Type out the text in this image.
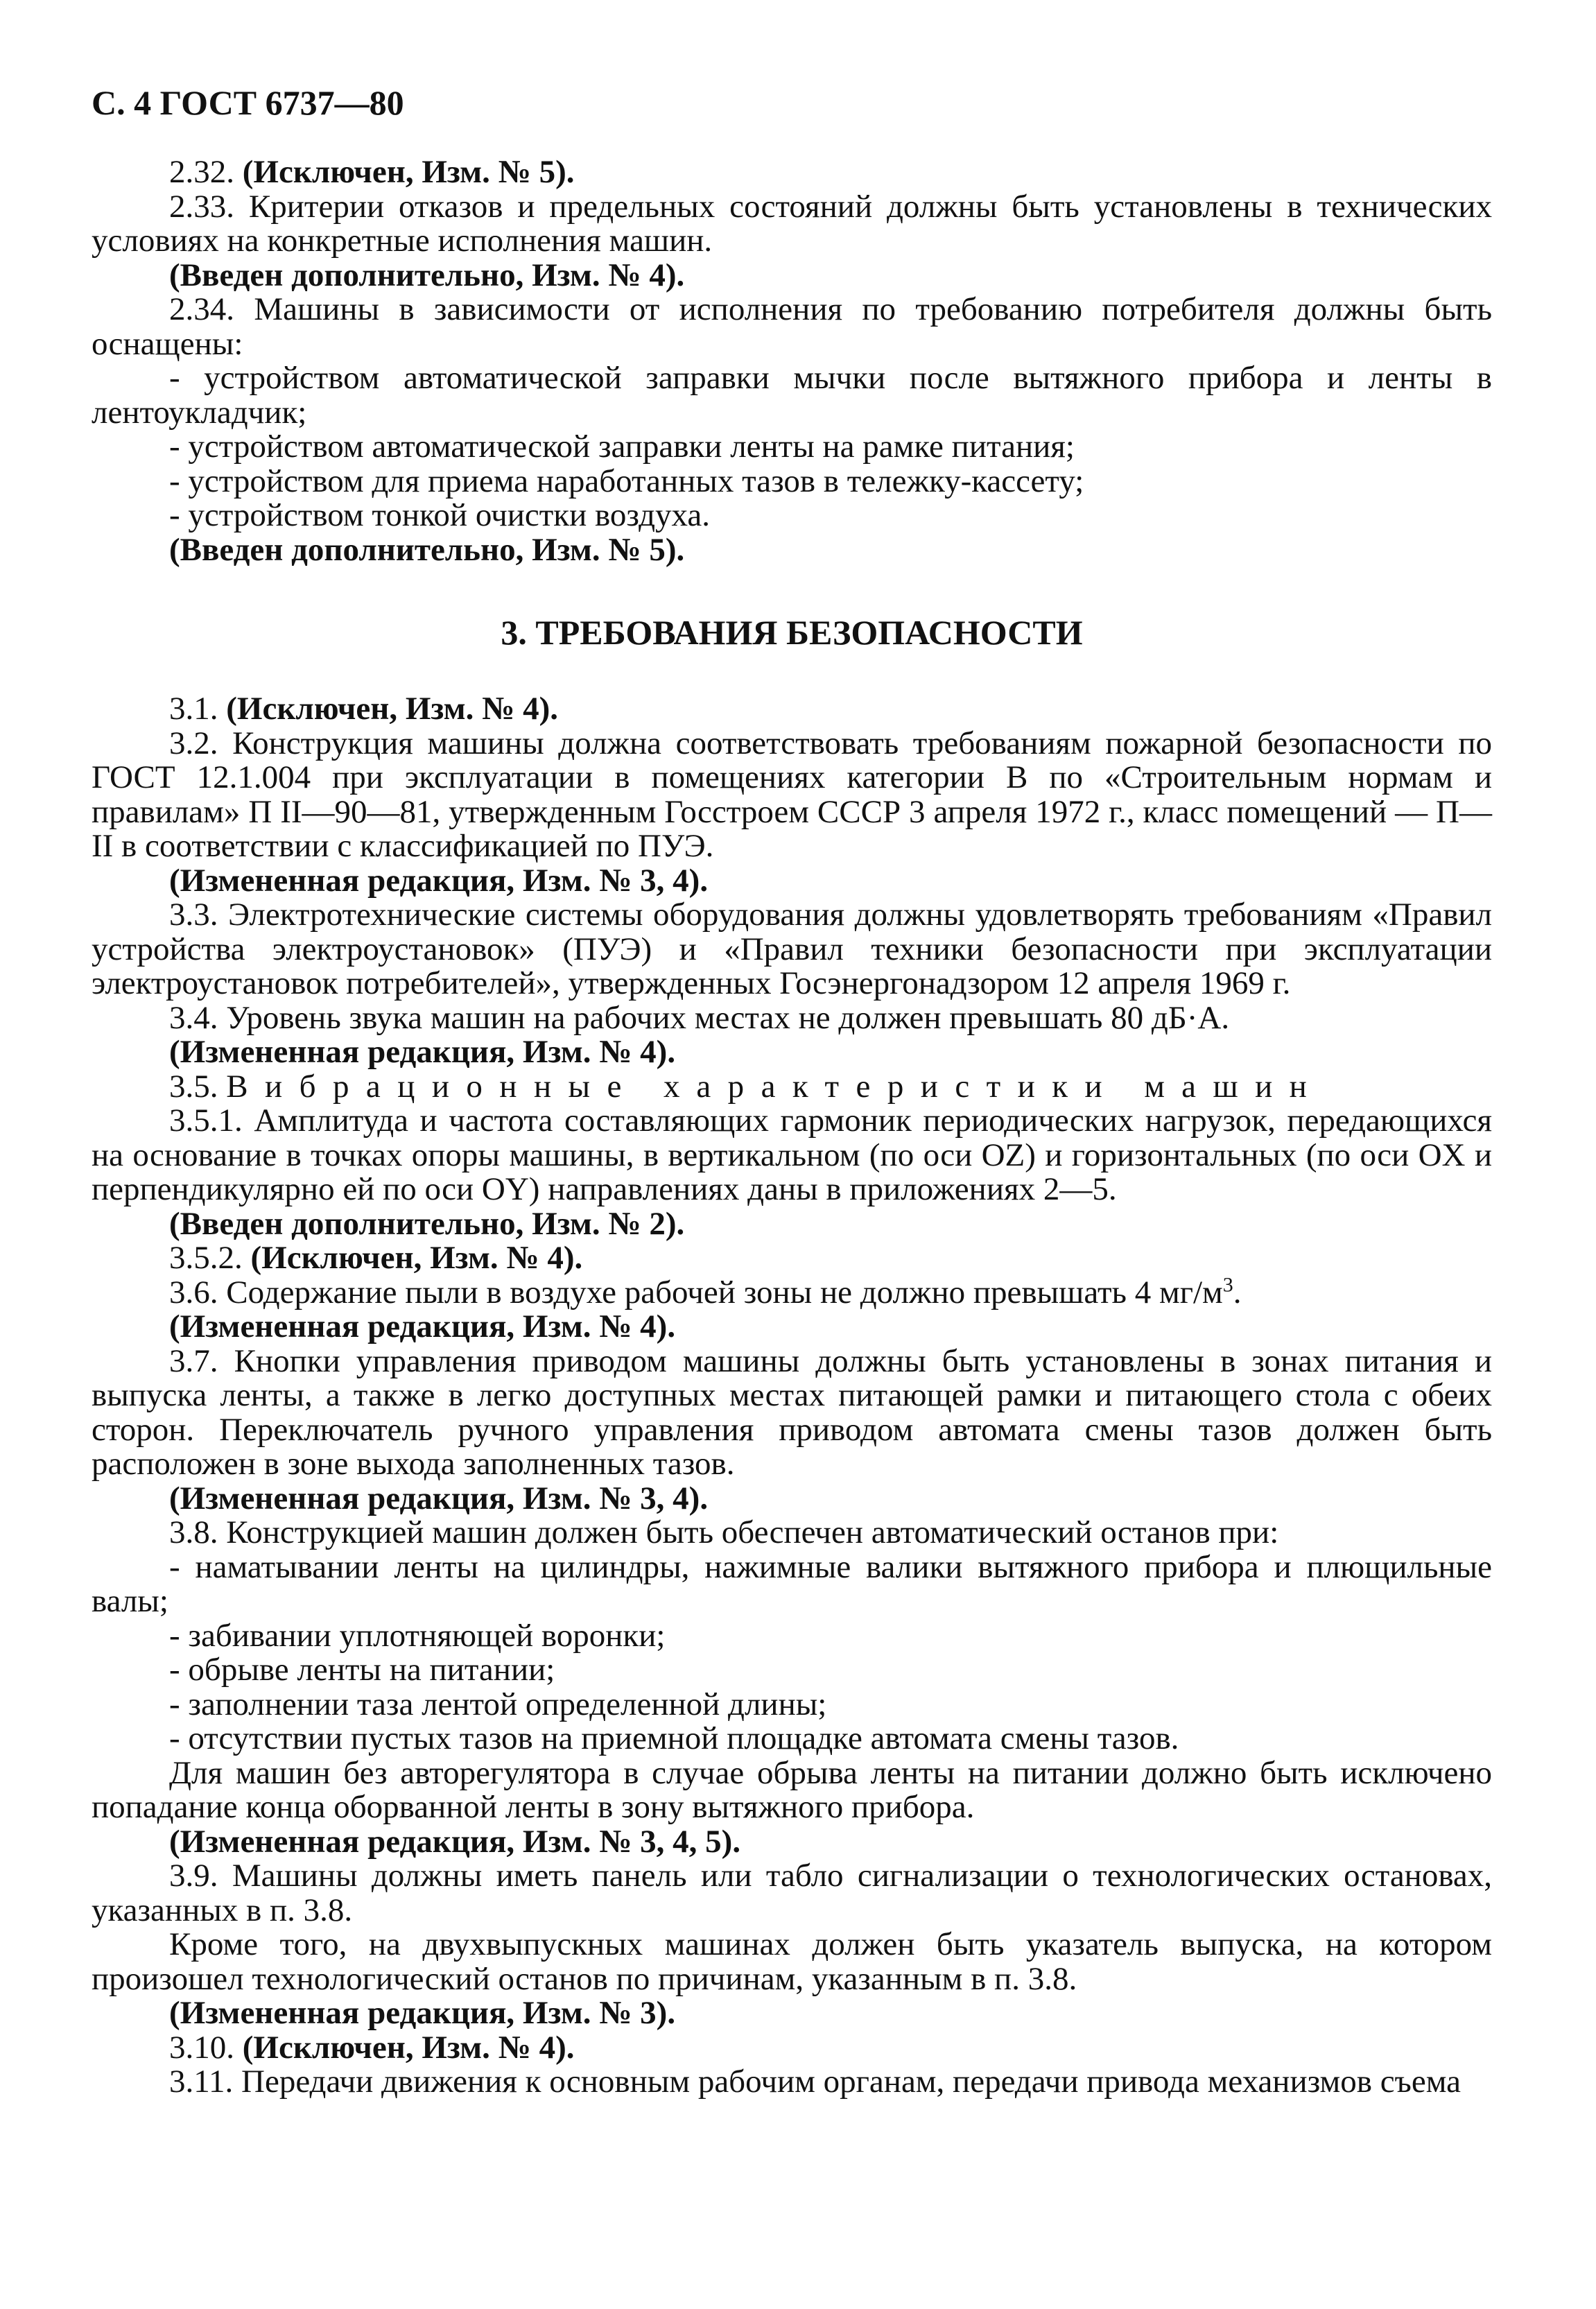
С. 4 ГОСТ 6737—80

2.32. (Исключен, Изм. № 5).

2.33. Критерии отказов и предельных состояний должны быть установлены в технических условиях на конкретные исполнения машин.

(Введен дополнительно, Изм. № 4).

2.34. Машины в зависимости от исполнения по требованию потребителя должны быть оснащены:

- устройством автоматической заправки мычки после вытяжного прибора и ленты в лентоукладчик;

- устройством автоматической заправки ленты на рамке питания;

- устройством для приема наработанных тазов в тележку-кассету;

- устройством тонкой очистки воздуха.

(Введен дополнительно, Изм. № 5).

3. ТРЕБОВАНИЯ БЕЗОПАСНОСТИ

3.1. (Исключен, Изм. № 4).

3.2. Конструкция машины должна соответствовать требованиям пожарной безопасности по ГОСТ 12.1.004 при эксплуатации в помещениях категории В по «Строительным нормам и правилам» П II—90—81, утвержденным Госстроем СССР 3 апреля 1972 г., класс помещений — П—II в соответствии с классификацией по ПУЭ.

(Измененная редакция, Изм. № 3, 4).

3.3. Электротехнические системы оборудования должны удовлетворять требованиям «Правил устройства электроустановок» (ПУЭ) и «Правил техники безопасности при эксплуатации электроустановок потребителей», утвержденных Госэнергонадзором 12 апреля 1969 г.

3.4. Уровень звука машин на рабочих местах не должен превышать 80 дБ·А.

(Измененная редакция, Изм. № 4).

3.5. Вибрационные характеристики машин

3.5.1. Амплитуда и частота составляющих гармоник периодических нагрузок, передающихся на основание в точках опоры машины, в вертикальном (по оси OZ) и горизонтальных (по оси OX и перпендикулярно ей по оси OY) направлениях даны в приложениях 2—5.

(Введен дополнительно, Изм. № 2).

3.5.2. (Исключен, Изм. № 4).

3.6. Содержание пыли в воздухе рабочей зоны не должно превышать 4 $мг/м^3$.

(Измененная редакция, Изм. № 4).

3.7. Кнопки управления приводом машины должны быть установлены в зонах питания и выпуска ленты, а также в легко доступных местах питающей рамки и питающего стола с обеих сторон. Переключатель ручного управления приводом автомата смены тазов должен быть расположен в зоне выхода заполненных тазов.

(Измененная редакция, Изм. № 3, 4).

3.8. Конструкцией машин должен быть обеспечен автоматический останов при:

- наматывании ленты на цилиндры, нажимные валики вытяжного прибора и плющильные валы;

- забивании уплотняющей воронки;

- обрыве ленты на питании;

- заполнении таза лентой определенной длины;

- отсутствии пустых тазов на приемной площадке автомата смены тазов.

Для машин без авторегулятора в случае обрыва ленты на питании должно быть исключено попадание конца оборванной ленты в зону вытяжного прибора.

(Измененная редакция, Изм. № 3, 4, 5).

3.9. Машины должны иметь панель или табло сигнализации о технологических остановах, указанных в п. 3.8.

Кроме того, на двухвыпускных машинах должен быть указатель выпуска, на котором произошел технологический останов по причинам, указанным в п. 3.8.

(Измененная редакция, Изм. № 3).

3.10. (Исключен, Изм. № 4).

3.11. Передачи движения к основным рабочим органам, передачи привода механизмов съема
